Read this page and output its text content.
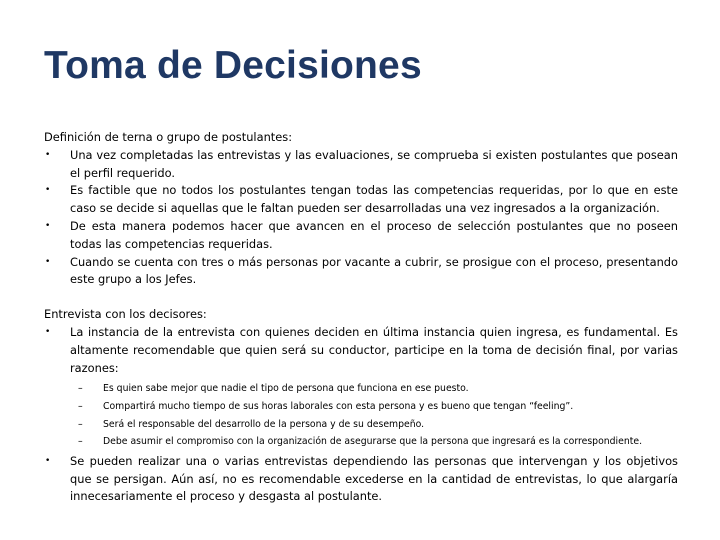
Toma de Decisiones

Definición de terna o grupo de postulantes:

• Una vez completadas las entrevistas y las evaluaciones, se comprueba si existen postulantes que posean el perfil requerido.
• Es factible que no todos los postulantes tengan todas las competencias requeridas, por lo que en este caso se decide si aquellas que le faltan pueden ser desarrolladas una vez ingresados a la organización.
• De esta manera podemos hacer que avancen en el proceso de selección postulantes que no poseen todas las competencias requeridas.
• Cuando se cuenta con tres o más personas por vacante a cubrir, se prosigue con el proceso, presentando este grupo a los Jefes.

Entrevista con los decisores:

• La instancia de la entrevista con quienes deciden en última instancia quien ingresa, es fundamental. Es altamente recomendable que quien será su conductor, participe en la toma de decisión final, por varias razones:
– Es quien sabe mejor que nadie el tipo de persona que funciona en ese puesto.
– Compartirá mucho tiempo de sus horas laborales con esta persona y es bueno que tengan “feeling”.
– Será el responsable del desarrollo de la persona y de su desempeño.
– Debe asumir el compromiso con la organización de asegurarse que la persona que ingresará es la correspondiente.
• Se pueden realizar una o varias entrevistas dependiendo las personas que intervengan y los objetivos que se persigan. Aún así, no es recomendable excederse en la cantidad de entrevistas, lo que alargaría innecesariamente el proceso y desgasta al postulante.
